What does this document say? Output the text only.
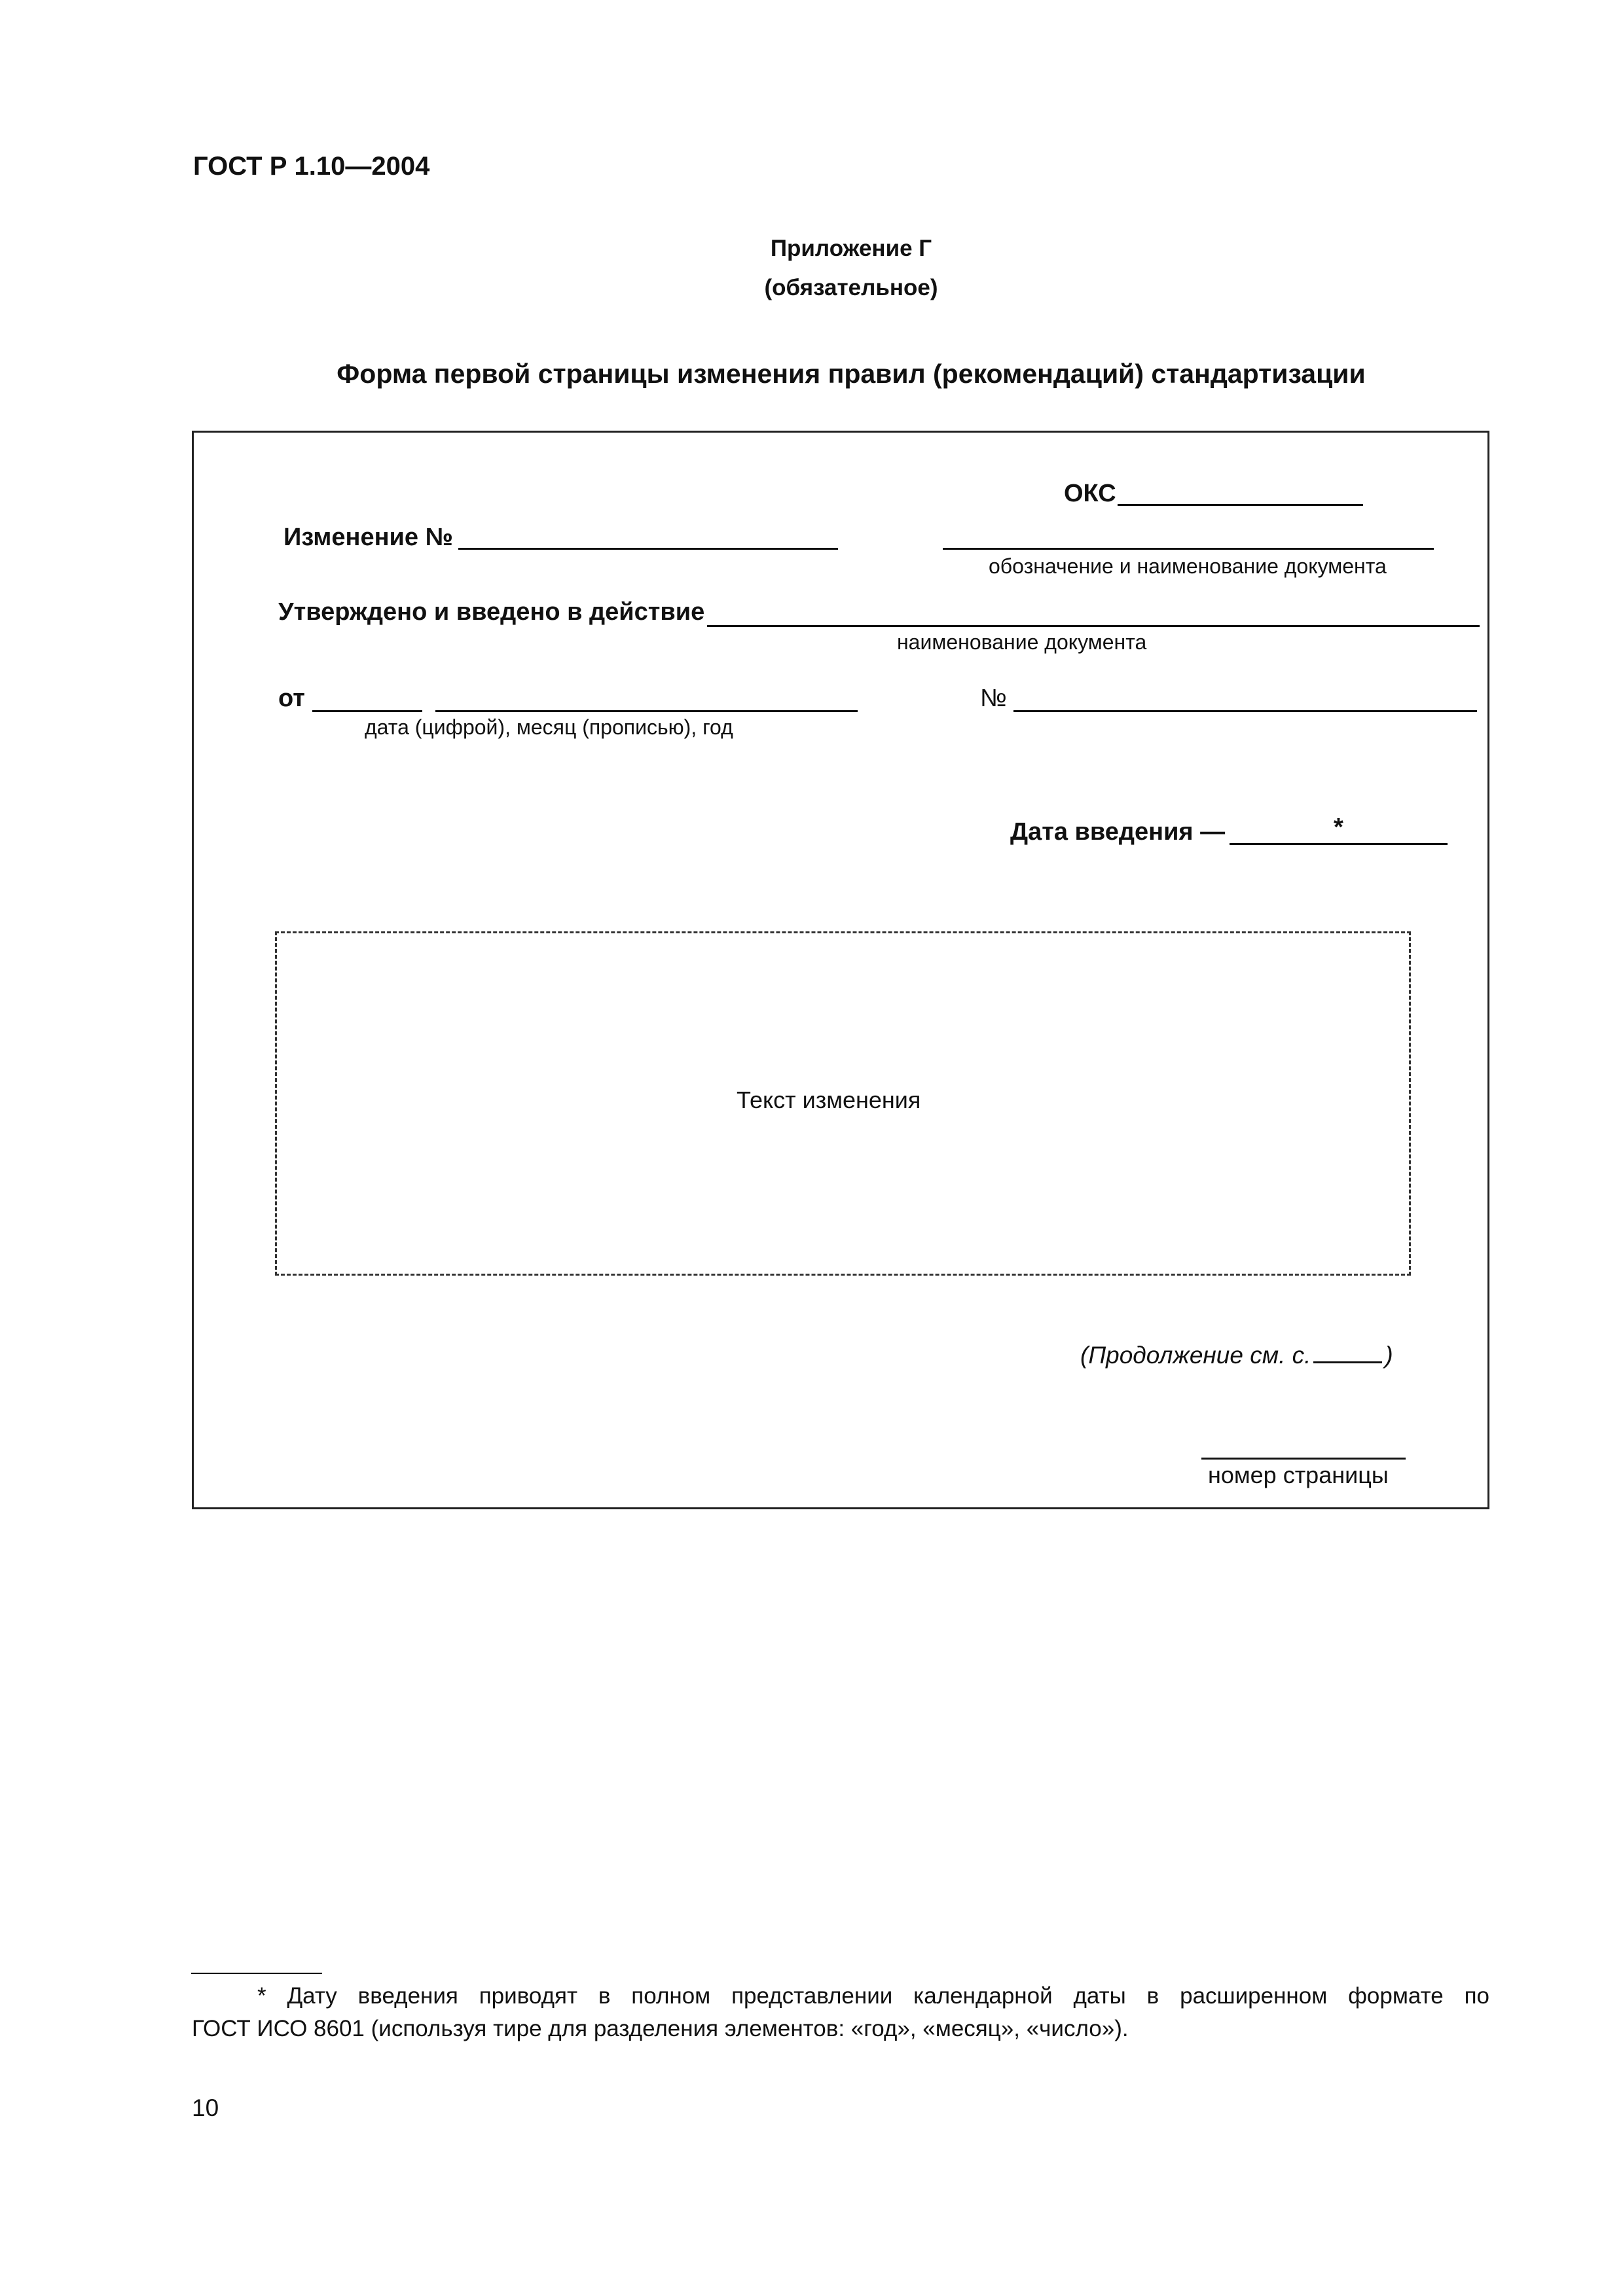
ГОСТ Р 1.10—2004
Приложение Г
(обязательное)
Форма первой страницы изменения правил (рекомендаций) стандартизации
ОКС
Изменение №
обозначение и наименование документа
Утверждено и введено в действие
наименование документа
от
дата (цифрой), месяц (прописью), год
№
Дата введения —	*
Текст изменения
(Продолжение см. с.	)
номер страницы
* Дату введения приводят в полном представлении календарной даты в расширенном формате по
ГОСТ ИСО 8601 (используя тире для разделения элементов: «год», «месяц», «число»).
10
